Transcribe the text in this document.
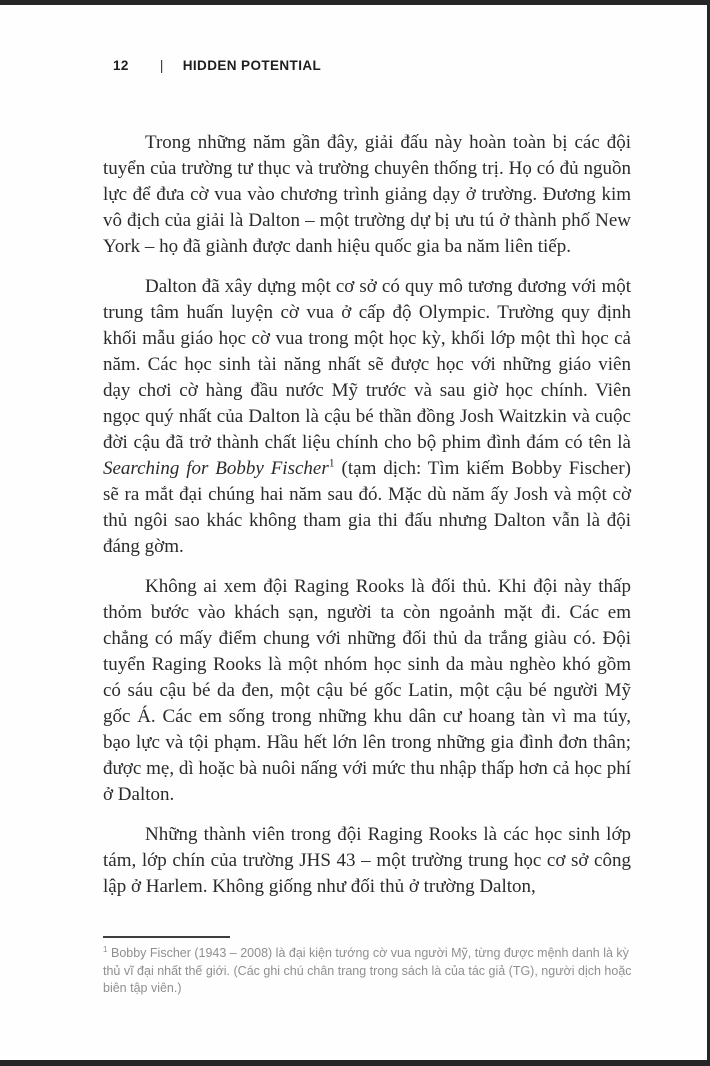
12 | HIDDEN POTENTIAL

Trong những năm gần đây, giải đấu này hoàn toàn bị các đội tuyển của trường tư thục và trường chuyên thống trị. Họ có đủ nguồn lực để đưa cờ vua vào chương trình giảng dạy ở trường. Đương kim vô địch của giải là Dalton – một trường dự bị ưu tú ở thành phố New York – họ đã giành được danh hiệu quốc gia ba năm liên tiếp.

Dalton đã xây dựng một cơ sở có quy mô tương đương với một trung tâm huấn luyện cờ vua ở cấp độ Olympic. Trường quy định khối mẫu giáo học cờ vua trong một học kỳ, khối lớp một thì học cả năm. Các học sinh tài năng nhất sẽ được học với những giáo viên dạy chơi cờ hàng đầu nước Mỹ trước và sau giờ học chính. Viên ngọc quý nhất của Dalton là cậu bé thần đồng Josh Waitzkin và cuộc đời cậu đã trở thành chất liệu chính cho bộ phim đình đám có tên là Searching for Bobby Fischer$^1$ (tạm dịch: Tìm kiếm Bobby Fischer) sẽ ra mắt đại chúng hai năm sau đó. Mặc dù năm ấy Josh và một cờ thủ ngôi sao khác không tham gia thi đấu nhưng Dalton vẫn là đội đáng gờm.

Không ai xem đội Raging Rooks là đối thủ. Khi đội này thấp thỏm bước vào khách sạn, người ta còn ngoảnh mặt đi. Các em chẳng có mấy điểm chung với những đối thủ da trắng giàu có. Đội tuyển Raging Rooks là một nhóm học sinh da màu nghèo khó gồm có sáu cậu bé da đen, một cậu bé gốc Latin, một cậu bé người Mỹ gốc Á. Các em sống trong những khu dân cư hoang tàn vì ma túy, bạo lực và tội phạm. Hầu hết lớn lên trong những gia đình đơn thân; được mẹ, dì hoặc bà nuôi nấng với mức thu nhập thấp hơn cả học phí ở Dalton.

Những thành viên trong đội Raging Rooks là các học sinh lớp tám, lớp chín của trường JHS 43 – một trường trung học cơ sở công lập ở Harlem. Không giống như đối thủ ở trường Dalton,

$^1$ Bobby Fischer (1943 – 2008) là đại kiện tướng cờ vua người Mỹ, từng được mệnh danh là kỳ thủ vĩ đại nhất thế giới. (Các ghi chú chân trang trong sách là của tác giả (TG), người dịch hoặc biên tập viên.)
